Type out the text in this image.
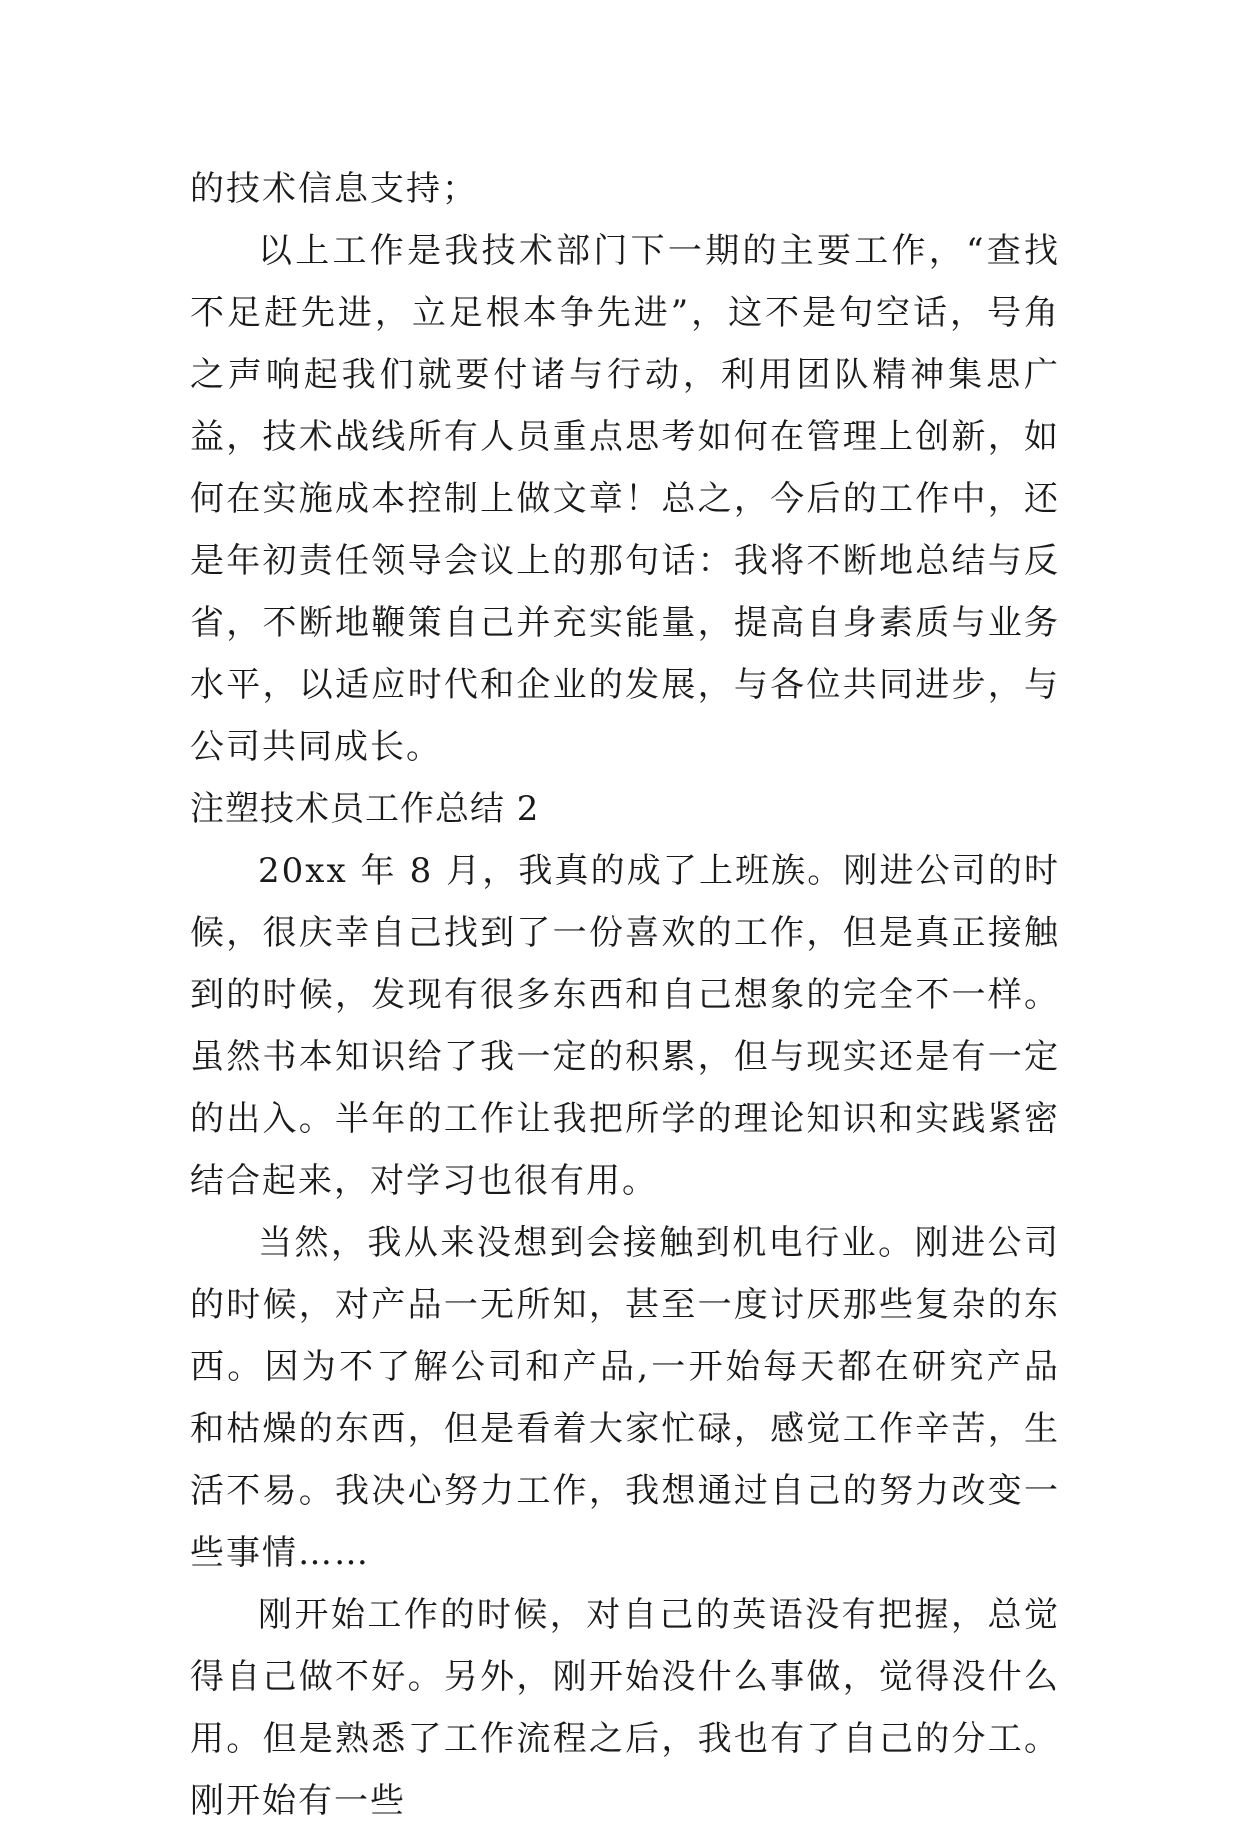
的技术信息支持；

以上工作是我技术部门下一期的主要工作，“查找不足赶先进，立足根本争先进”，这不是句空话，号角之声响起我们就要付诸与行动，利用团队精神集思广益，技术战线所有人员重点思考如何在管理上创新，如何在实施成本控制上做文章！总之，今后的工作中，还是年初责任领导会议上的那句话：我将不断地总结与反省，不断地鞭策自己并充实能量，提高自身素质与业务水平，以适应时代和企业的发展，与各位共同进步，与公司共同成长。

注塑技术员工作总结 2

20xx 年 8 月，我真的成了上班族。刚进公司的时候，很庆幸自己找到了一份喜欢的工作，但是真正接触到的时候，发现有很多东西和自己想象的完全不一样。虽然书本知识给了我一定的积累，但与现实还是有一定的出入。半年的工作让我把所学的理论知识和实践紧密结合起来，对学习也很有用。

当然，我从来没想到会接触到机电行业。刚进公司的时候，对产品一无所知，甚至一度讨厌那些复杂的东西。因为不了解公司和产品,一开始每天都在研究产品和枯燥的东西，但是看着大家忙碌，感觉工作辛苦，生活不易。我决心努力工作，我想通过自己的努力改变一些事情……

刚开始工作的时候，对自己的英语没有把握，总觉得自己做不好。另外，刚开始没什么事做，觉得没什么用。但是熟悉了工作流程之后，我也有了自己的分工。刚开始有一些
